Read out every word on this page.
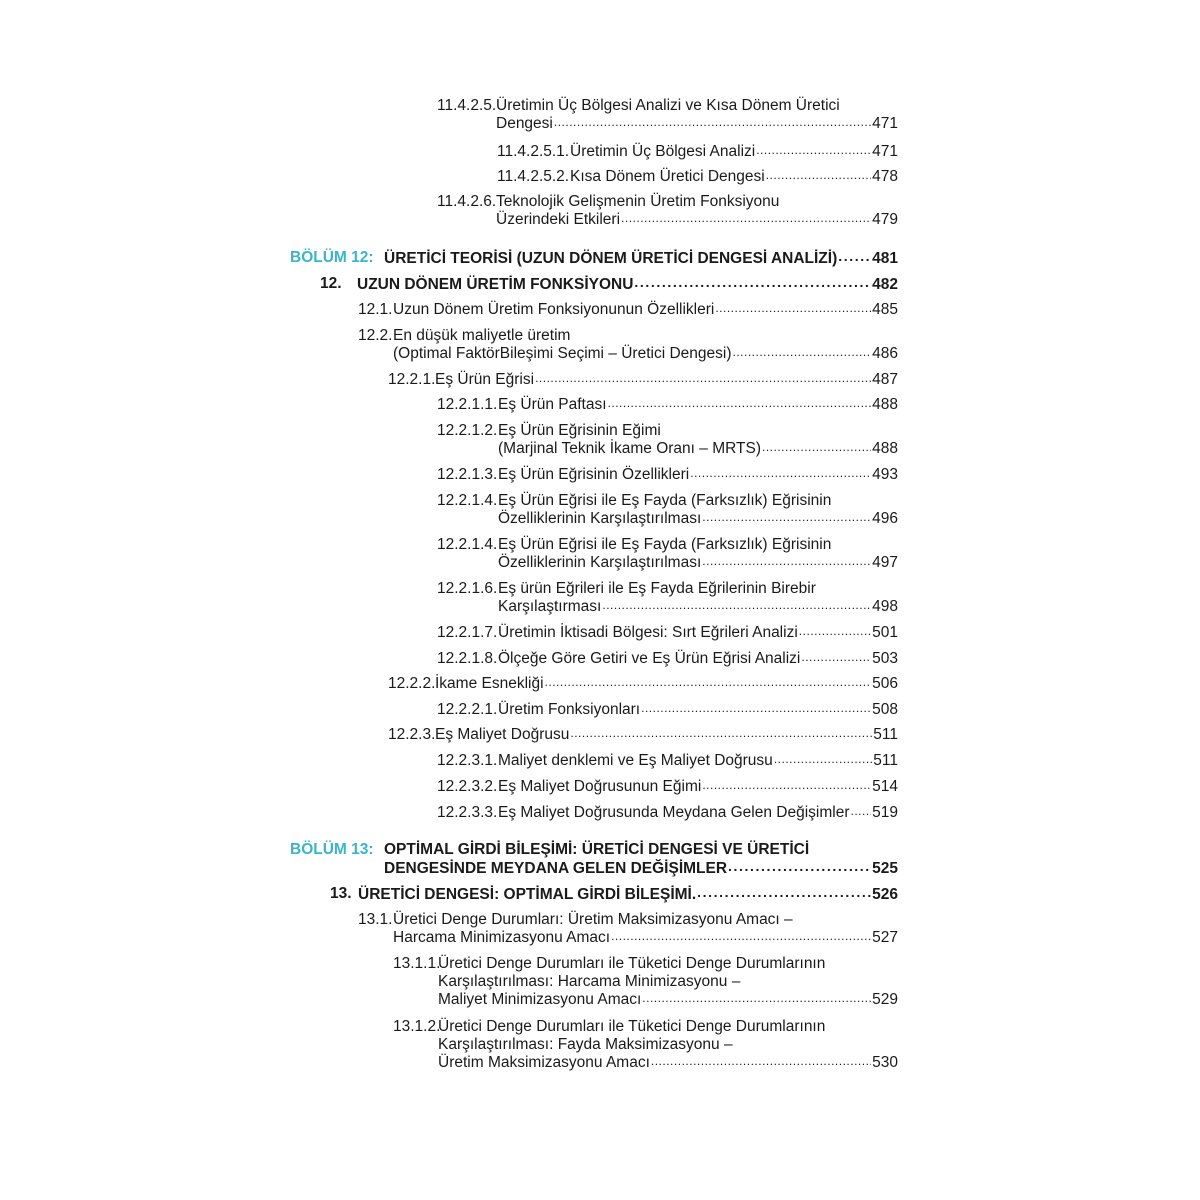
11.4.2.5. Üretimin Üç Bölgesi Analizi ve Kısa Dönem Üretici
Dengesi .....	471
11.4.2.5.1. Üretimin Üç Bölgesi Analizi .....	471
11.4.2.5.2. Kısa Dönem Üretici Dengesi .....	478
11.4.2.6. Teknolojik Gelişmenin Üretim Fonksiyonu
Üzerindeki Etkileri .....	479
BÖLÜM 12: ÜRETİCİ TEORİSİ (UZUN DÖNEM ÜRETİCİ DENGESİ ANALİZİ) ..... 481
12. UZUN DÖNEM ÜRETİM FONKSİYONU .....	482
12.1. Uzun Dönem Üretim Fonksiyonunun Özellikleri .....	485
12.2. En düşük maliyetle üretim
(Optimal FaktörBileşimi Seçimi – Üretici Dengesi) .....	486
12.2.1. Eş Ürün Eğrisi .....	487
12.2.1.1. Eş Ürün Paftası .....	488
12.2.1.2. Eş Ürün Eğrisinin Eğimi
(Marjinal Teknik İkame Oranı – MRTS) .....	488
12.2.1.3. Eş Ürün Eğrisinin Özellikleri .....	493
12.2.1.4. Eş Ürün Eğrisi ile Eş Fayda (Farksızlık) Eğrisinin
Özelliklerinin Karşılaştırılması .....	496
12.2.1.4. Eş Ürün Eğrisi ile Eş Fayda (Farksızlık) Eğrisinin
Özelliklerinin Karşılaştırılması .....	497
12.2.1.6. Eş ürün Eğrileri ile Eş Fayda Eğrilerinin Birebir
Karşılaştırması .....	498
12.2.1.7. Üretimin İktisadi Bölgesi: Sırt Eğrileri Analizi .....	501
12.2.1.8. Ölçeğe Göre Getiri ve Eş Ürün Eğrisi Analizi .....	503
12.2.2. İkame Esnekliği .....	506
12.2.2.1. Üretim Fonksiyonları .....	508
12.2.3. Eş Maliyet Doğrusu .....	511
12.2.3.1. Maliyet denklemi ve Eş Maliyet Doğrusu .....	511
12.2.3.2. Eş Maliyet Doğrusunun Eğimi .....	514
12.2.3.3. Eş Maliyet Doğrusunda Meydana Gelen Değişimler ..... 519
BÖLÜM 13: OPTİMAL GİRDİ BİLEŞİMİ: ÜRETİCİ DENGESİ VE ÜRETİCİ
DENGESİNDE MEYDANA GELEN DEĞİŞİMLER .....	525
13. ÜRETİCİ DENGESİ: OPTİMAL GİRDİ BİLEŞİMİ. .....	526
13.1. Üretici Denge Durumları: Üretim Maksimizasyonu Amacı –
Harcama Minimizasyonu Amacı .....	527
13.1.1.
Üretici Denge Durumları ile Tüketici Denge Durumlarının
Karşılaştırılması: Harcama Minimizasyonu –
Maliyet Minimizasyonu Amacı .....	529
13.1.2.
Üretici Denge Durumları ile Tüketici Denge Durumlarının
Karşılaştırılması: Fayda Maksimizasyonu –
Üretim Maksimizasyonu Amacı .....	530
